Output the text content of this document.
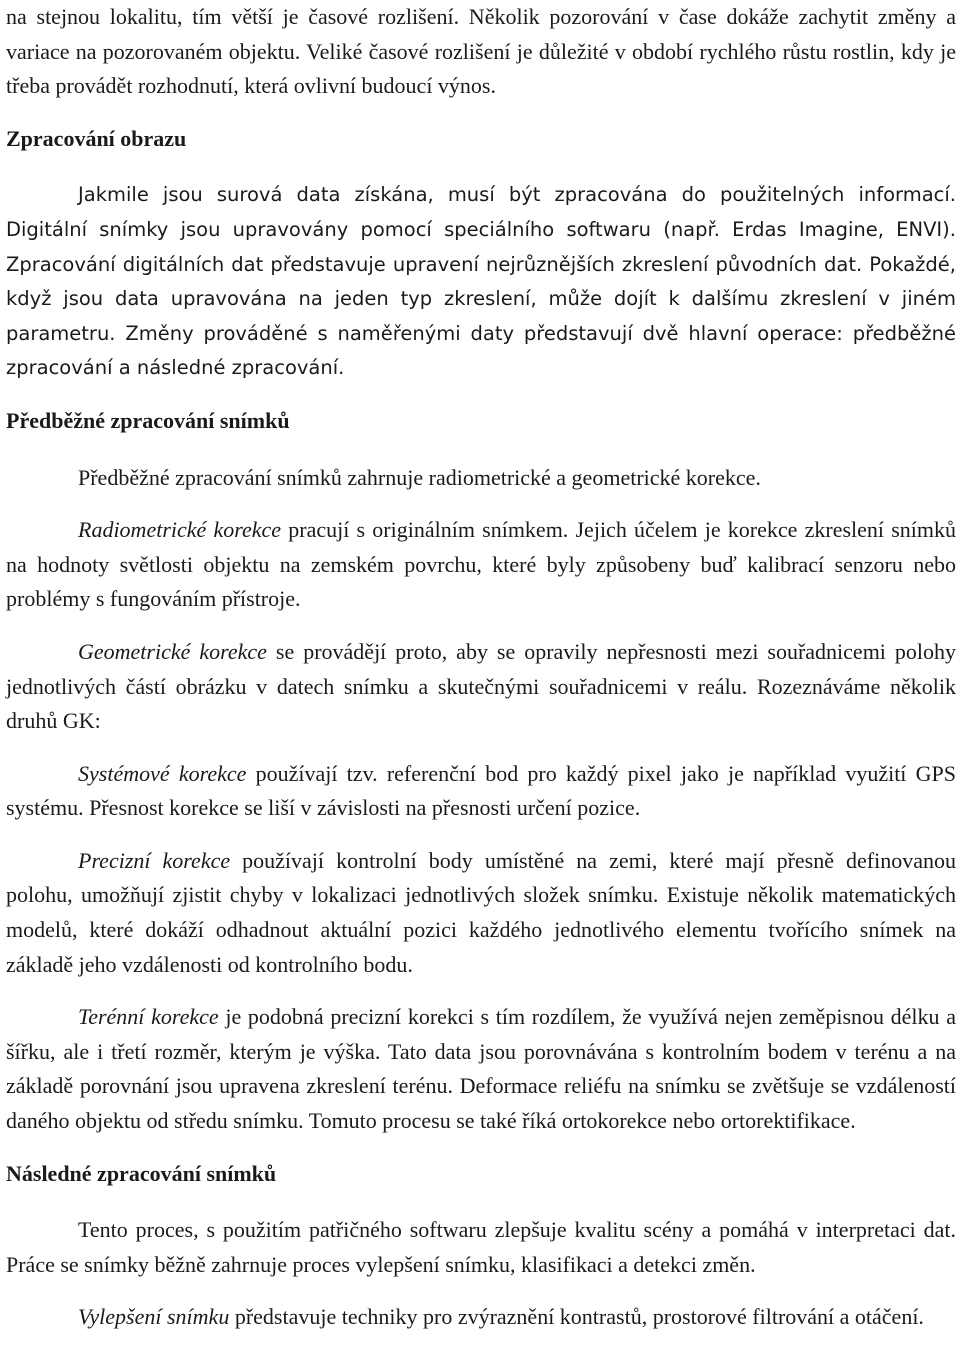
na stejnou lokalitu, tím větší je časové rozlišení. Několik pozorování v čase dokáže zachytit změny a variace na pozorovaném objektu. Veliké časové rozlišení je důležité v období rychlého růstu rostlin, kdy je třeba provádět rozhodnutí, která ovlivní budoucí výnos.

Zpracování obrazu

Jakmile jsou surová data získána, musí být zpracována do použitelných informací. Digitální snímky jsou upravovány pomocí speciálního softwaru (např. Erdas Imagine, ENVI). Zpracování digitálních dat představuje upravení nejrůznějších zkreslení původních dat. Pokaždé, když jsou data upravována na jeden typ zkreslení, může dojít k dalšímu zkreslení v jiném parametru. Změny prováděné s naměřenými daty představují dvě hlavní operace: předběžné zpracování a následné zpracování.

Předběžné zpracování snímků

Předběžné zpracování snímků zahrnuje radiometrické a geometrické korekce.

Radiometrické korekce pracují s originálním snímkem. Jejich účelem je korekce zkreslení snímků na hodnoty světlosti objektu na zemském povrchu, které byly způsobeny buď kalibrací senzoru nebo problémy s fungováním přístroje.

Geometrické korekce se provádějí proto, aby se opravily nepřesnosti mezi souřadnicemi polohy jednotlivých částí obrázku v datech snímku a skutečnými souřadnicemi v reálu. Rozeznáváme několik druhů GK:

Systémové korekce používají tzv. referenční bod pro každý pixel jako je například využití GPS systému. Přesnost korekce se liší v závislosti na přesnosti určení pozice.

Precizní korekce používají kontrolní body umístěné na zemi, které mají přesně definovanou polohu, umožňují zjistit chyby v lokalizaci jednotlivých složek snímku. Existuje několik matematických modelů, které dokáží odhadnout aktuální pozici každého jednotlivého elementu tvořícího snímek na základě jeho vzdálenosti od kontrolního bodu.

Terénní korekce je podobná precizní korekci s tím rozdílem, že využívá nejen zeměpisnou délku a šířku, ale i třetí rozměr, kterým je výška. Tato data jsou porovnávána s kontrolním bodem v terénu a na základě porovnání jsou upravena zkreslení terénu. Deformace reliéfu na snímku se zvětšuje se vzdáleností daného objektu od středu snímku. Tomuto procesu se také říká ortokorekce nebo ortorektifikace.

Následné zpracování snímků

Tento proces, s použitím patřičného softwaru zlepšuje kvalitu scény a pomáhá v interpretaci dat. Práce se snímky běžně zahrnuje proces vylepšení snímku, klasifikaci a detekci změn.

Vylepšení snímku představuje techniky pro zvýraznění kontrastů, prostorové filtrování a otáčení.
